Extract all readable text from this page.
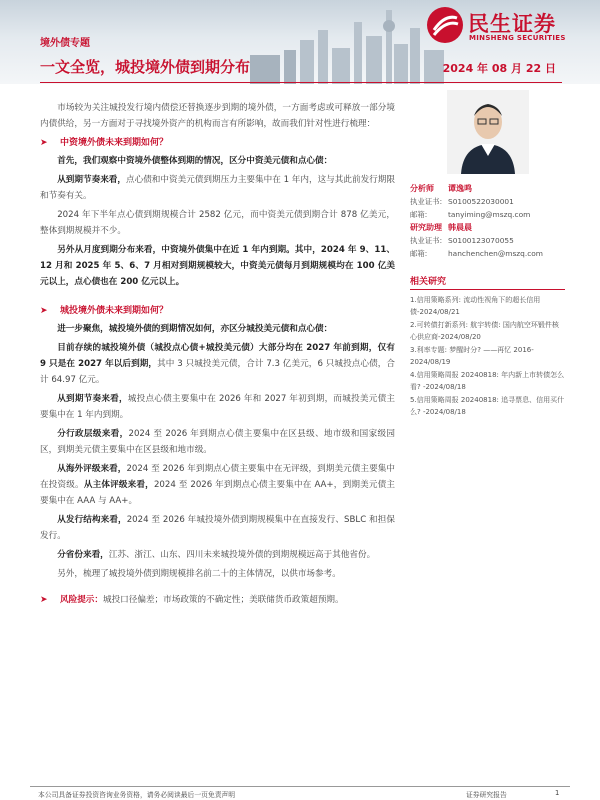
民生证券
MINSHENG SECURITIES
境外债专题
一文全览，城投境外债到期分布	2024 年 08 月 22 日

市场较为关注城投发行境内债偿还替换逐步到期的境外债，一方面考虑或可释放一部分境内债供给，另一方面对于寻找境外资产的机构而言有所影响，故而我们针对性进行梳理：

➤ 中资境外债未来到期如何？

首先，我们观察中资境外债整体到期的情况，区分中资美元债和点心债：

从到期节奏来看，点心债和中资美元债到期压力主要集中在 1 年内，这与其此前发行期限和节奏有关。

2024 年下半年点心债到期规模合计 2582 亿元，而中资美元债到期合计 878 亿美元，整体到期规模并不少。

另外从月度到期分布来看，中资境外债集中在近 1 年内到期。其中，2024 年 9、11、12 月和 2025 年 5、6、7 月相对到期规模较大，中资美元债每月到期规模均在 100 亿美元以上，点心债也在 200 亿元以上。

➤ 城投境外债未来到期如何？

进一步聚焦，城投境外债的到期情况如何，亦区分城投美元债和点心债：

目前存续的城投境外债（城投点心债+城投美元债）大部分均在 2027 年前到期，仅有 9 只是在 2027 年以后到期，其中 3 只城投美元债，合计 7.3 亿美元，6 只城投点心债，合计 64.97 亿元。

从到期节奏来看，城投点心债主要集中在 2026 年和 2027 年初到期，而城投美元债主要集中在 1 年内到期。

分行政层级来看，2024 至 2026 年到期点心债主要集中在区县级、地市级和国家级园区，到期美元债主要集中在区县级和地市级。

从海外评级来看，2024 至 2026 年到期点心债主要集中在无评级，到期美元债主要集中在投资级。从主体评级来看，2024 至 2026 年到期点心债主要集中在 AA+，到期美元债主要集中在 AAA 与 AA+。

从发行结构来看，2024 至 2026 年城投境外债到期规模集中在直接发行、SBLC 和担保发行。

分省份来看，江苏、浙江、山东、四川未来城投境外债的到期规模远高于其他省份。

另外，梳理了城投境外债到期规模排名前二十的主体情况，以供市场参考。

➤ 风险提示：城投口径偏差；市场政策的不确定性；美联储货币政策超预期。
分析师 谭逸鸣
执业证书: S0100522030001
邮箱:	tanyiming@mszq.com
研究助理 韩晨晨
执业证书: S0100123070055
邮箱:	hanchenchen@mszq.com
相关研究
1.信用策略系列: 流动性视角下的超长信用债-2024/08/21
2.可转债打新系列: 航宇转债: 国内航空环锻件核心供应商-2024/08/20
3.利率专题: 梦醒时分? ——再忆 2016-2024/08/19
4.信用策略周报 20240818: 年内新上市转债怎么看? -2024/08/18
5.信用策略周报 20240818: 追寻票息、信用买什么? -2024/08/18
本公司具备证券投资咨询业务资格，请务必阅读最后一页免责声明	证券研究报告	1
